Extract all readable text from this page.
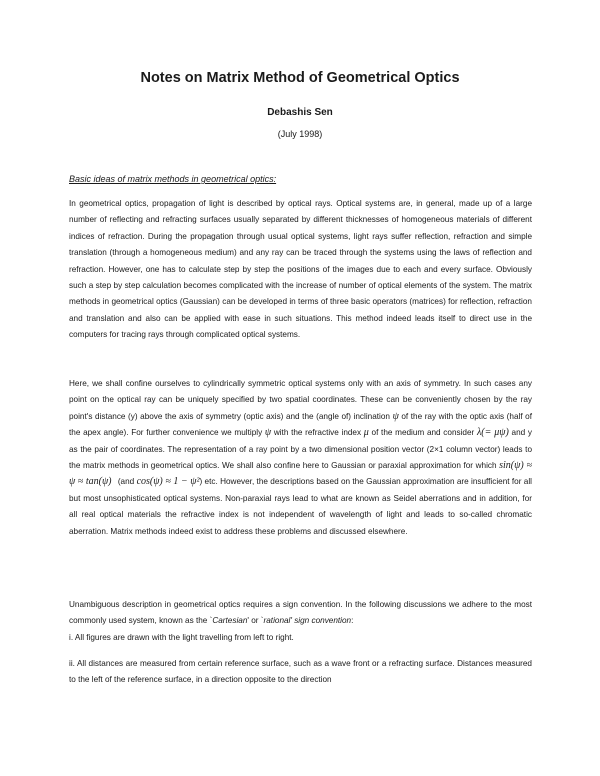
Notes on Matrix Method of Geometrical Optics
Debashis Sen
(July 1998)
Basic ideas of matrix methods in geometrical optics:
In geometrical optics, propagation of light is described by optical rays. Optical systems are, in general, made up of a large number of reflecting and refracting surfaces usually separated by different thicknesses of homogeneous materials of different indices of refraction. During the propagation through usual optical systems, light rays suffer reflection, refraction and simple translation (through a homogeneous medium) and any ray can be traced through the systems using the laws of reflection and refraction. However, one has to calculate step by step the positions of the images due to each and every surface. Obviously such a step by step calculation becomes complicated with the increase of number of optical elements of the system. The matrix methods in geometrical optics (Gaussian) can be developed in terms of three basic operators (matrices) for reflection, refraction and translation and also can be applied with ease in such situations. This method indeed leads itself to direct use in the computers for tracing rays through complicated optical systems.
Here, we shall confine ourselves to cylindrically symmetric optical systems only with an axis of symmetry. In such cases any point on the optical ray can be uniquely specified by two spatial coordinates. These can be conveniently chosen by the ray point's distance (y) above the axis of symmetry (optic axis) and the (angle of) inclination ψ of the ray with the optic axis (half of the apex angle). For further convenience we multiply ψ with the refractive index μ of the medium and consider λ(= μψ) and y as the pair of coordinates. The representation of a ray point by a two dimensional position vector (2×1 column vector) leads to the matrix methods in geometrical optics. We shall also confine here to Gaussian or paraxial approximation for which sin(ψ) ≈ ψ ≈ tan(ψ) (and cos(ψ) ≈ 1 − ψ²) etc. However, the descriptions based on the Gaussian approximation are insufficient for all but most unsophisticated optical systems. Non-paraxial rays lead to what are known as Seidel aberrations and in addition, for all real optical materials the refractive index is not independent of wavelength of light and leads to so-called chromatic aberration. Matrix methods indeed exist to address these problems and discussed elsewhere.
Unambiguous description in geometrical optics requires a sign convention. In the following discussions we adhere to the most commonly used system, known as the `Cartesian' or `rational' sign convention:
i. All figures are drawn with the light travelling from left to right.
ii. All distances are measured from certain reference surface, such as a wave front or a refracting surface. Distances measured to the left of the reference surface, in a direction opposite to the direction
